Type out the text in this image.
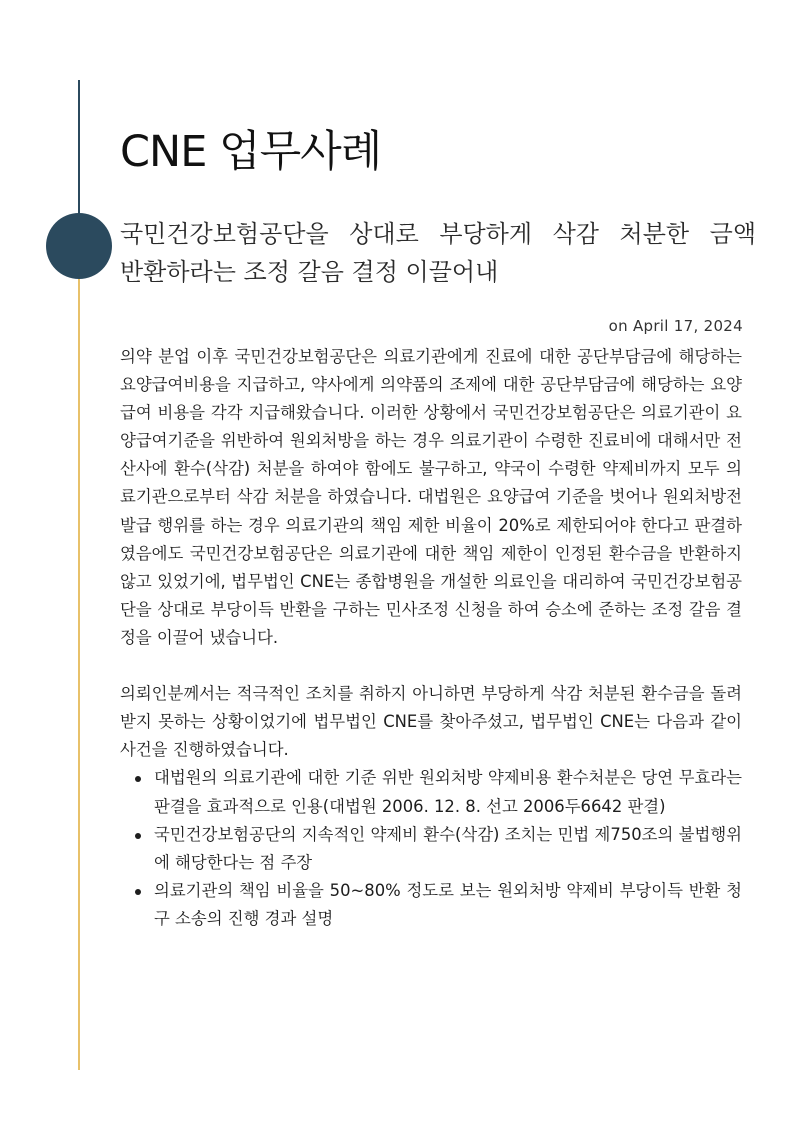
CNE 업무사례
국민건강보험공단을 상대로 부당하게 삭감 처분한 금액 반환하라는 조정 갈음 결정 이끌어내
on April 17, 2024

의약 분업 이후 국민건강보험공단은 의료기관에게 진료에 대한 공단부담금에 해당하는 요양급여비용을 지급하고, 약사에게 의약품의 조제에 대한 공단부담금에 해당하는 요양급여 비용을 각각 지급해왔습니다. 이러한 상황에서 국민건강보험공단은 의료기관이 요양급여기준을 위반하여 원외처방을 하는 경우 의료기관이 수령한 진료비에 대해서만 전산사에 환수(삭감) 처분을 하여야 함에도 불구하고, 약국이 수령한 약제비까지 모두 의료기관으로부터 삭감 처분을 하였습니다. 대법원은 요양급여 기준을 벗어나 원외처방전 발급 행위를 하는 경우 의료기관의 책임 제한 비율이 20%로 제한되어야 한다고 판결하였음에도 국민건강보험공단은 의료기관에 대한 책임 제한이 인정된 환수금을 반환하지 않고 있었기에, 법무법인 CNE는 종합병원을 개설한 의료인을 대리하여 국민건강보험공단을 상대로 부당이득 반환을 구하는 민사조정 신청을 하여 승소에 준하는 조정 갈음 결정을 이끌어 냈습니다.

의뢰인분께서는 적극적인 조치를 취하지 아니하면 부당하게 삭감 처분된 환수금을 돌려받지 못하는 상황이었기에 법무법인 CNE를 찾아주셨고, 법무법인 CNE는 다음과 같이 사건을 진행하였습니다.

대법원의 의료기관에 대한 기준 위반 원외처방 약제비용 환수처분은 당연 무효라는 판결을 효과적으로 인용(대법원 2006. 12. 8. 선고 2006두6642 판결)
국민건강보험공단의 지속적인 약제비 환수(삭감) 조치는 민법 제750조의 불법행위에 해당한다는 점 주장
의료기관의 책임 비율을 50~80% 정도로 보는 원외처방 약제비 부당이득 반환 청구 소송의 진행 경과 설명
